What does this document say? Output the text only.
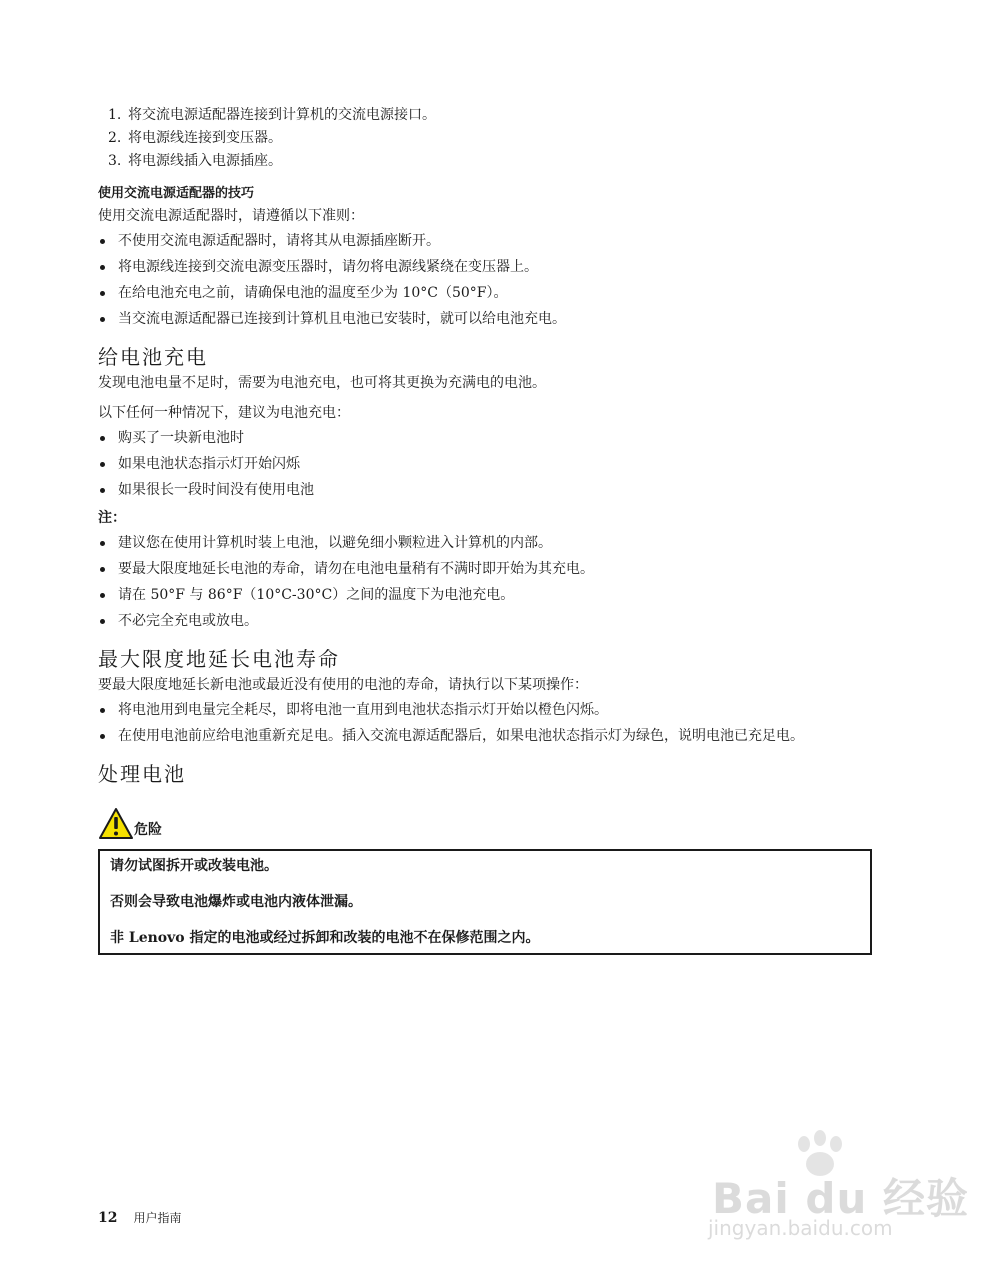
1. 将交流电源适配器连接到计算机的交流电源接口。
2. 将电源线连接到变压器。
3. 将电源线插入电源插座。
使用交流电源适配器的技巧
使用交流电源适配器时，请遵循以下准则：
不使用交流电源适配器时，请将其从电源插座断开。
将电源线连接到交流电源变压器时，请勿将电源线紧绕在变压器上。
在给电池充电之前，请确保电池的温度至少为 10°C（50°F）。
当交流电源适配器已连接到计算机且电池已安装时，就可以给电池充电。
给电池充电
发现电池电量不足时，需要为电池充电，也可将其更换为充满电的电池。
以下任何一种情况下，建议为电池充电：
购买了一块新电池时
如果电池状态指示灯开始闪烁
如果很长一段时间没有使用电池
注：
建议您在使用计算机时装上电池，以避免细小颗粒进入计算机的内部。
要最大限度地延长电池的寿命，请勿在电池电量稍有不满时即开始为其充电。
请在 50°F 与 86°F（10°C-30°C）之间的温度下为电池充电。
不必完全充电或放电。
最大限度地延长电池寿命
要最大限度地延长新电池或最近没有使用的电池的寿命，请执行以下某项操作：
将电池用到电量完全耗尽，即将电池一直用到电池状态指示灯开始以橙色闪烁。
在使用电池前应给电池重新充足电。插入交流电源适配器后，如果电池状态指示灯为绿色，说明电池已充足电。
处理电池
危险
请勿试图拆开或改装电池。
否则会导致电池爆炸或电池内液体泄漏。
非 Lenovo 指定的电池或经过拆卸和改装的电池不在保修范围之内。
Bai du 经验
jingyan.baidu.com
12 用户指南
